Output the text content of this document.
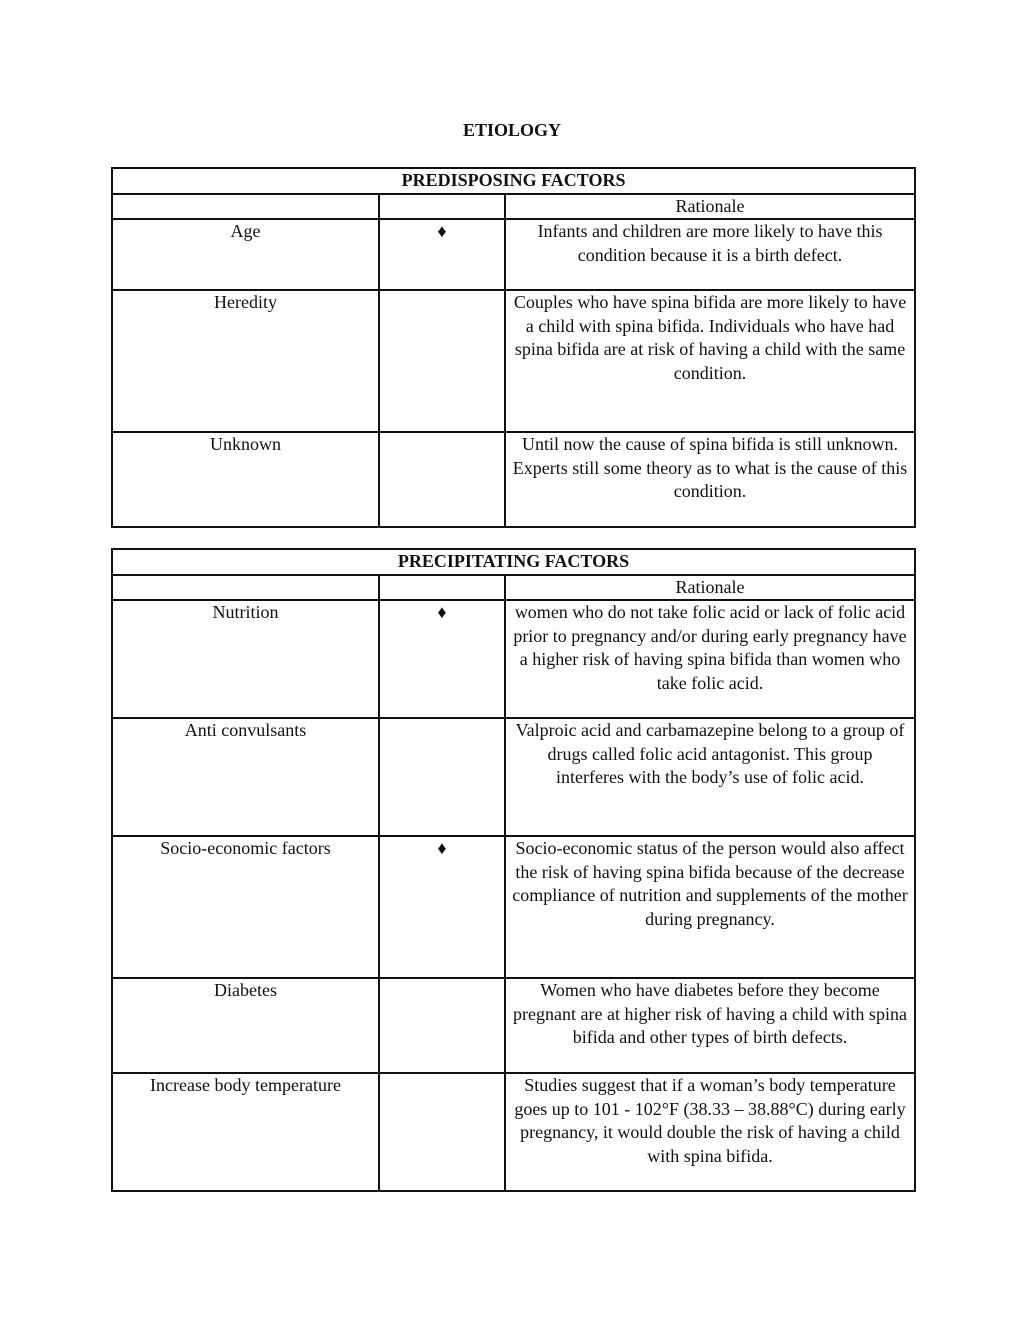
ETIOLOGY
PREDISPOSING FACTORS		
		Rationale
Age	♦	Infants and children are more likely to have this condition because it is a birth defect.
Heredity		Couples who have spina bifida are more likely to have a child with spina bifida. Individuals who have had spina bifida are at risk of having a child with the same condition.
Unknown		Until now the cause of spina bifida is still unknown. Experts still some theory as to what is the cause of this condition.
PRECIPITATING FACTORS		
		Rationale
Nutrition	♦	women who do not take folic acid or lack of folic acid prior to pregnancy and/or during early pregnancy have a higher risk of having spina bifida than women who take folic acid.
Anti convulsants		Valproic acid and carbamazepine belong to a group of drugs called folic acid antagonist. This group interferes with the body’s use of folic acid.
Socio-economic factors	♦	Socio-economic status of the person would also affect the risk of having spina bifida because of the decrease compliance of nutrition and supplements of the mother during pregnancy.
Diabetes		Women who have diabetes before they become pregnant are at higher risk of having a child with spina bifida and other types of birth defects.
Increase body temperature		Studies suggest that if a woman’s body temperature goes up to 101 - 102°F (38.33 – 38.88°C) during early pregnancy, it would double the risk of having a child with spina bifida.
